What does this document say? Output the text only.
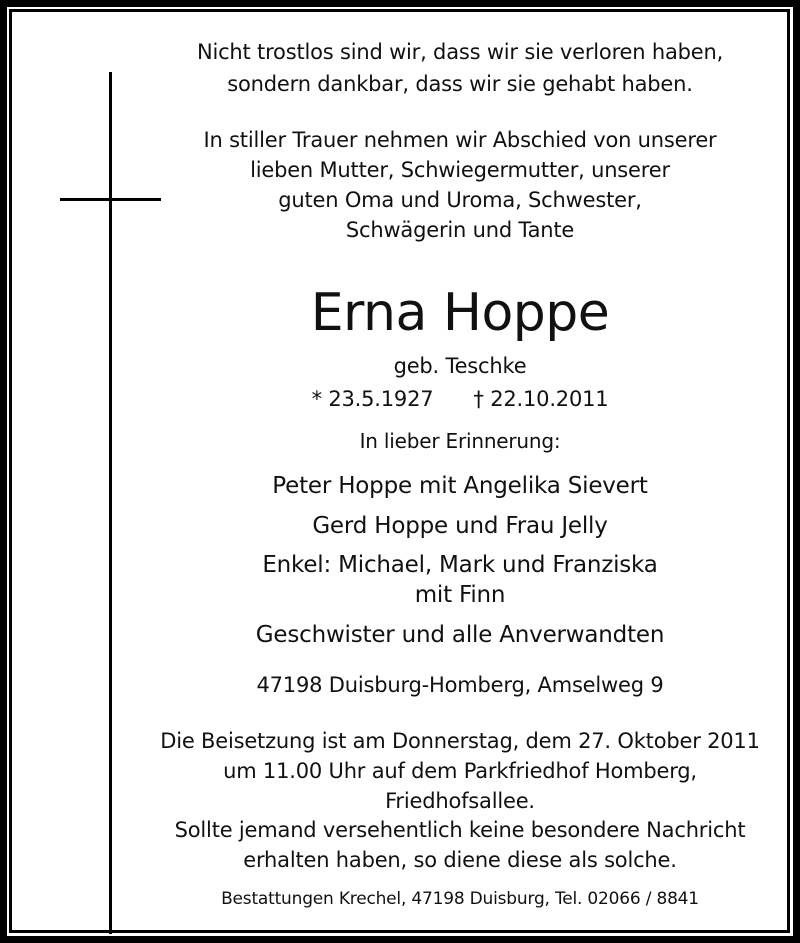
Nicht trostlos sind wir, dass wir sie verloren haben,
sondern dankbar, dass wir sie gehabt haben.
In stiller Trauer nehmen wir Abschied von unserer
lieben Mutter, Schwiegermutter, unserer
guten Oma und Uroma, Schwester,
Schwägerin und Tante
Erna Hoppe
geb. Teschke
* 23.5.1927 † 22.10.2011
In lieber Erinnerung:
Peter Hoppe mit Angelika Sievert
Gerd Hoppe und Frau Jelly
Enkel: Michael, Mark und Franziska
mit Finn
Geschwister und alle Anverwandten
47198 Duisburg-Homberg, Amselweg 9
Die Beisetzung ist am Donnerstag, dem 27. Oktober 2011
um 11.00 Uhr auf dem Parkfriedhof Homberg,
Friedhofsallee.
Sollte jemand versehentlich keine besondere Nachricht
erhalten haben, so diene diese als solche.
Bestattungen Krechel, 47198 Duisburg, Tel. 02066 / 8841
